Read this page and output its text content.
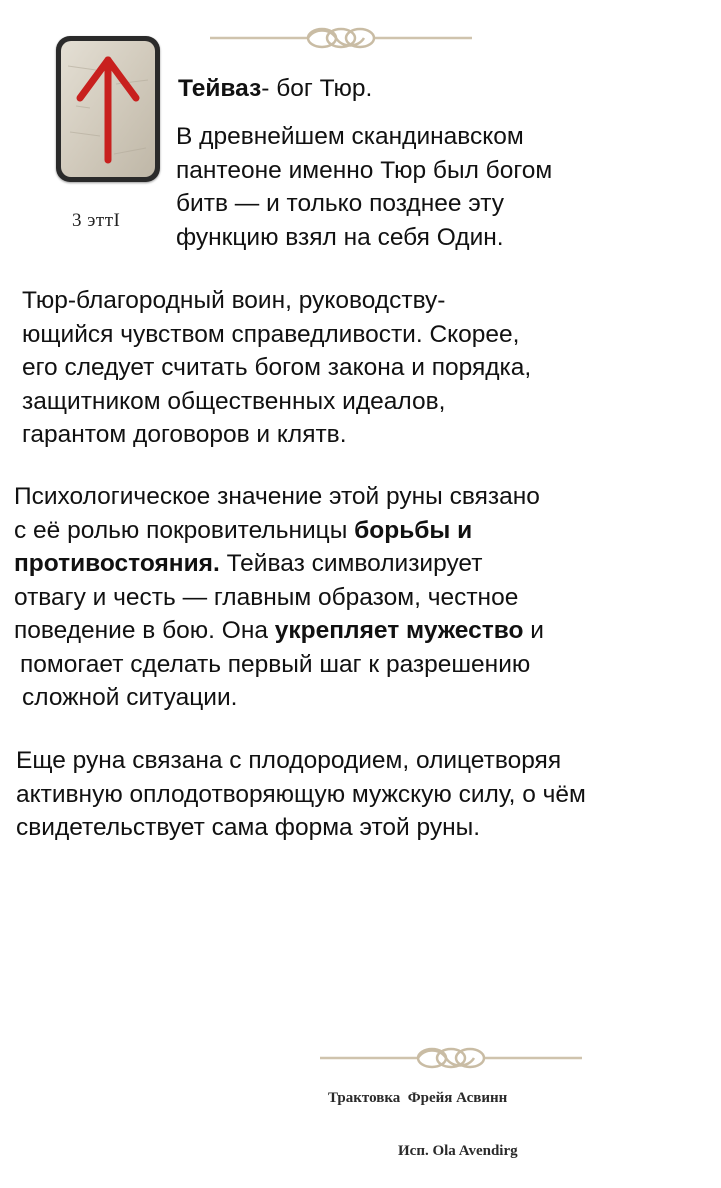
3 эттI
Тейваз- бог Тюр.
В древнейшем скандинавском
пантеоне именно Тюр был богом
битв — и только позднее эту
функцию взял на себя Один.
Тюр-благородный воин, руководству-
ющийся чувством справедливости. Скорее,
его следует считать богом закона и порядка,
защитником общественных идеалов,
гарантом договоров и клятв.
Психологическое значение этой руны связано
с её ролью покровительницы борьбы и
противостояния. Тейваз символизирует
отвагу и честь — главным образом, честное
поведение в бою. Она укрепляет мужество и
помогает сделать первый шаг к разрешению
сложной ситуации.
Еще руна связана с плодородием, олицетворяя
активную оплодотворяющую мужскую силу, о чём
свидетельствует сама форма этой руны.
Трактовка  Фрейя Асвинн
Исп. Ola Avendirg
